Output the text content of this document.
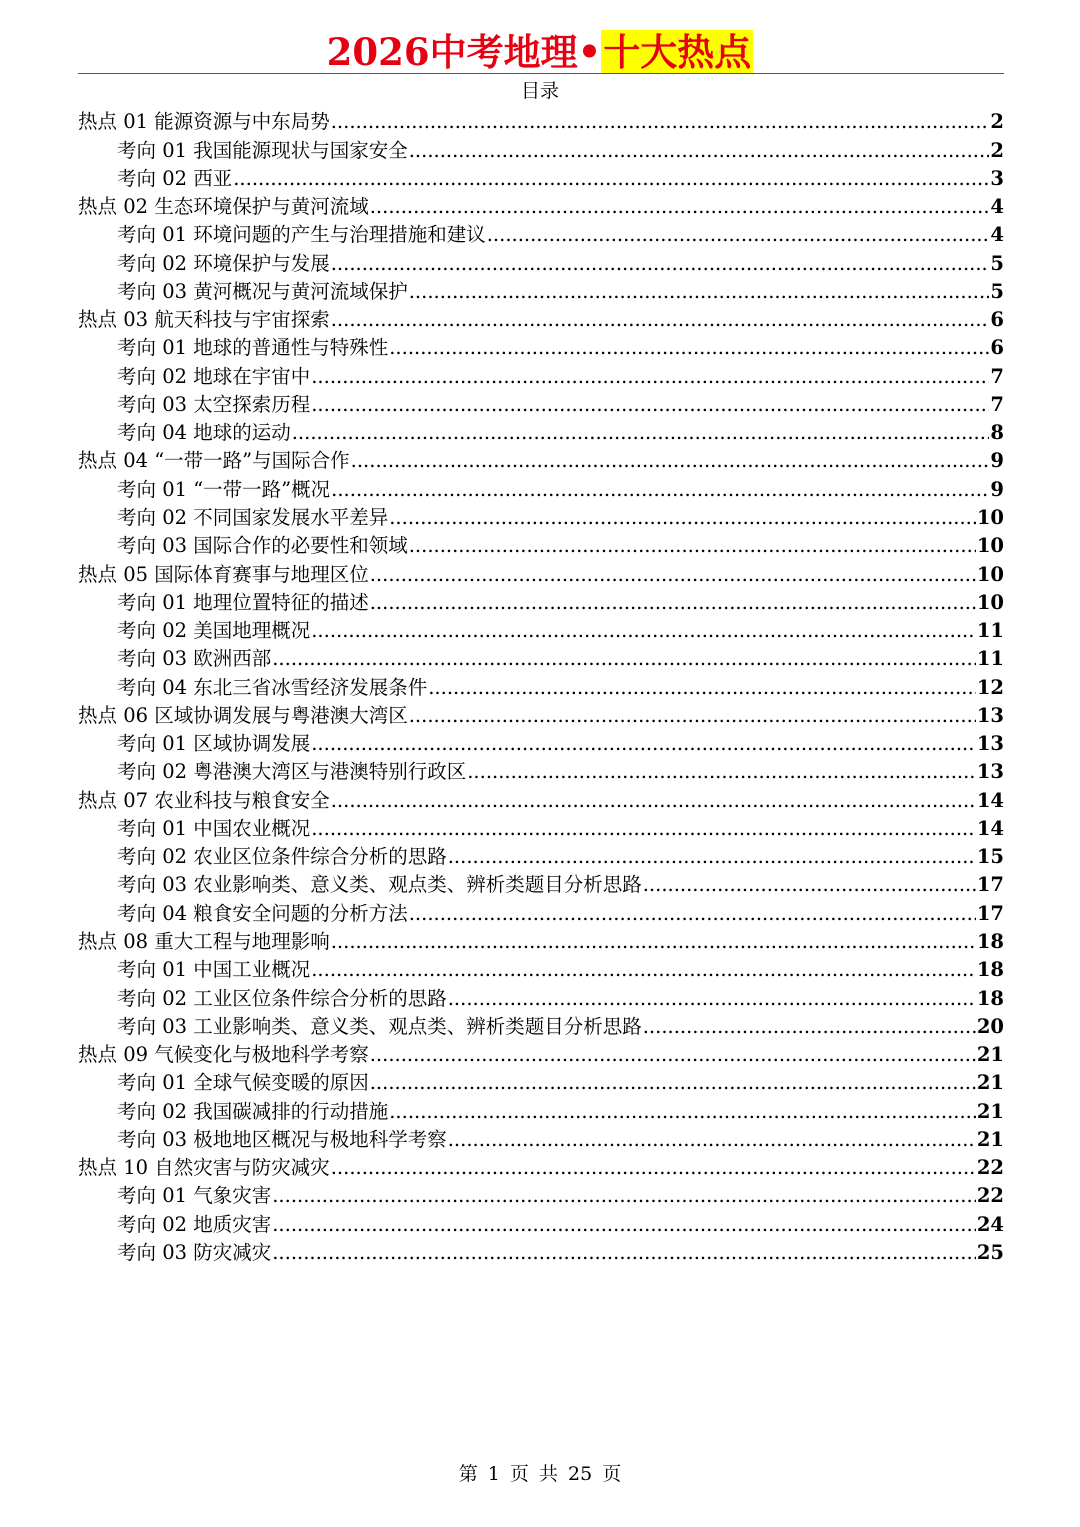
2026中考地理•十大热点
目录
热点 01 能源资源与中东局势 .....	2
考向 01 我国能源现状与国家安全 .....	2
考向 02 西亚 .....	3
热点 02 生态环境保护与黄河流域 .....	4
考向 01 环境问题的产生与治理措施和建议 .....	4
考向 02 环境保护与发展 .....	5
考向 03 黄河概况与黄河流域保护 .....	5
热点 03 航天科技与宇宙探索 .....	6
考向 01 地球的普通性与特殊性 .....	6
考向 02 地球在宇宙中 .....	7
考向 03 太空探索历程 .....	7
考向 04 地球的运动 .....	8
热点 04 “一带一路”与国际合作 .....	9
考向 01 “一带一路”概况 .....	9
考向 02 不同国家发展水平差异 .....	10
考向 03 国际合作的必要性和领域 .....	10
热点 05 国际体育赛事与地理区位 .....	10
考向 01 地理位置特征的描述 .....	10
考向 02 美国地理概况 .....	11
考向 03 欧洲西部 .....	11
考向 04 东北三省冰雪经济发展条件 .....	12
热点 06 区域协调发展与粤港澳大湾区 .....	13
考向 01 区域协调发展 .....	13
考向 02 粤港澳大湾区与港澳特别行政区 .....	13
热点 07 农业科技与粮食安全 .....	14
考向 01 中国农业概况 .....	14
考向 02 农业区位条件综合分析的思路 .....	15
考向 03 农业影响类、意义类、观点类、辨析类题目分析思路 .....	17
考向 04 粮食安全问题的分析方法 .....	17
热点 08 重大工程与地理影响 .....	18
考向 01 中国工业概况 .....	18
考向 02 工业区位条件综合分析的思路 .....	18
考向 03 工业影响类、意义类、观点类、辨析类题目分析思路 .....	20
热点 09 气候变化与极地科学考察 .....	21
考向 01 全球气候变暖的原因 .....	21
考向 02 我国碳减排的行动措施 .....	21
考向 03 极地地区概况与极地科学考察 .....	21
热点 10 自然灾害与防灾减灾 .....	22
考向 01 气象灾害 .....	22
考向 02 地质灾害 .....	24
考向 03 防灾减灾 .....	25
第 1 页 共 25 页
